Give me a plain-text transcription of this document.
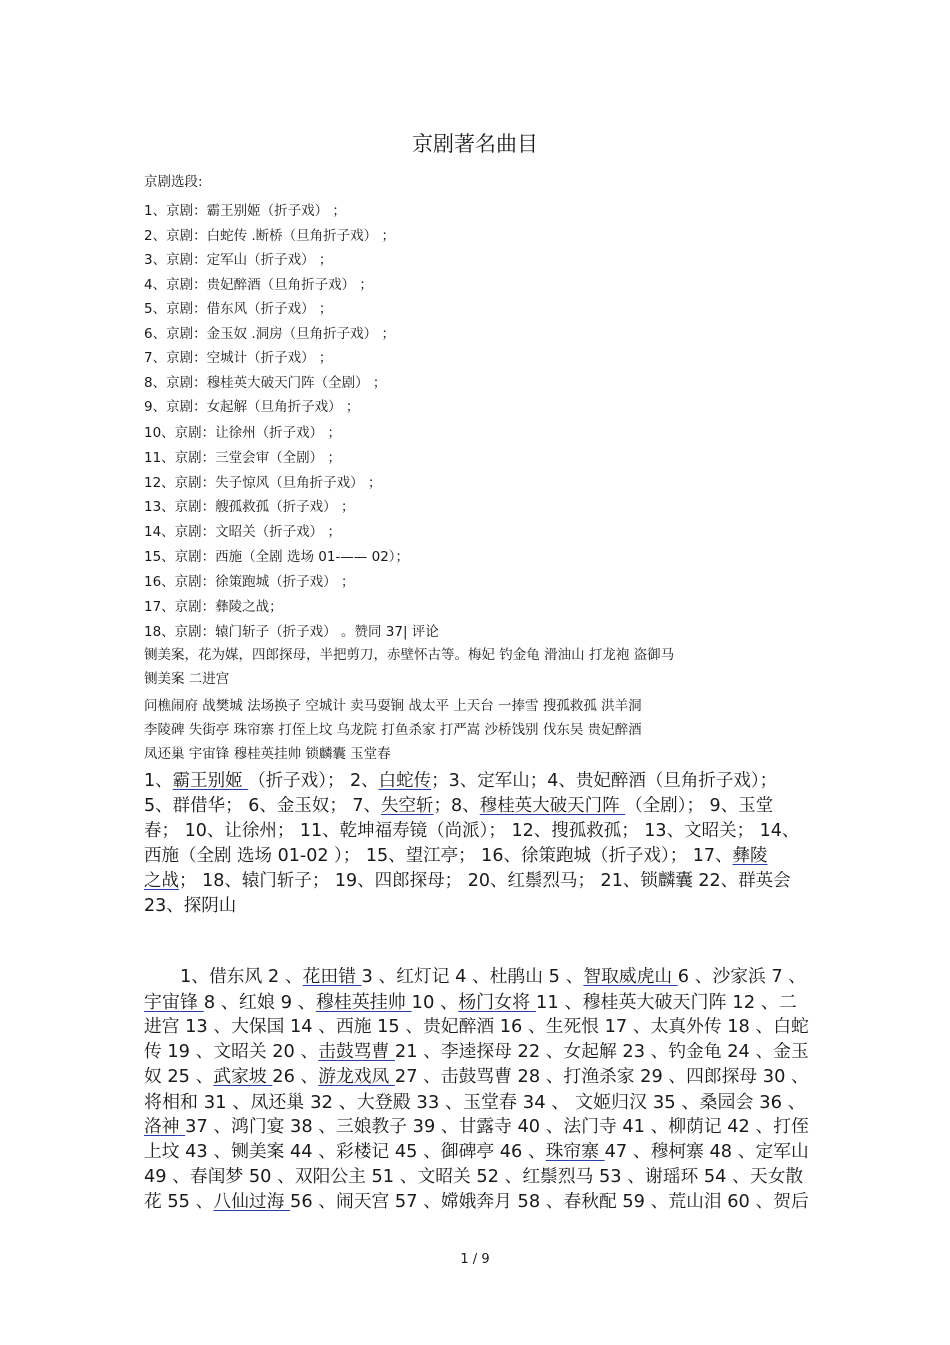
京剧著名曲目
京剧选段:
1、京剧：霸王别姬（折子戏） ；
2、京剧：白蛇传 .断桥（旦角折子戏） ；
3、京剧：定军山（折子戏） ；
4、京剧：贵妃醉酒（旦角折子戏） ；
5、京剧：借东风（折子戏） ；
6、京剧：金玉奴 .洞房（旦角折子戏） ；
7、京剧：空城计（折子戏） ；
8、京剧：穆桂英大破天门阵（全剧） ；
9、京剧：女起解（旦角折子戏） ；
10、京剧：让徐州（折子戏） ；
11、京剧：三堂会审（全剧） ；
12、京剧：失子惊风（旦角折子戏） ；
13、京剧：艘孤救孤（折子戏） ；
14、京剧：文昭关（折子戏） ；
15、京剧：西施（全剧 选场 01-—— 02）；
16、京剧：徐策跑城（折子戏） ；
17、京剧：彝陵之战；
18、京剧：辕门斩子（折子戏） 。赞同 37| 评论
铡美案，花为媒，四郎探母，半把剪刀，赤壁怀古等。梅妃 钓金龟 滑油山 打龙袍 盗御马
铡美案 二进宫
问樵闹府 战樊城 法场换子 空城计 卖马耍锏 战太平 上天台 一捧雪 搜孤救孤 洪羊洞
李陵碑 失街亭 珠帘寨 打侄上坟 乌龙院 打鱼杀家 打严嵩 沙桥饯别 伐东吴 贵妃醉酒
凤还巢 宇宙锋 穆桂英挂帅 锁麟囊 玉堂春
1、霸王别姬 （折子戏）； 2、白蛇传；3、定军山；4、贵妃醉酒（旦角折子戏）；
5、群借华； 6、金玉奴； 7、失空斩；8、穆桂英大破天门阵 （全剧）； 9、玉堂
春； 10、让徐州； 11、乾坤福寿镜（尚派）； 12、搜孤救孤； 13、文昭关； 14、
西施（全剧 选场 01-02 ）； 15、望江亭； 16、徐策跑城（折子戏）； 17、彝陵
之战； 18、辕门斩子； 19、四郎探母； 20、红鬃烈马； 21、锁麟囊 22、群英会
23、探阴山
1、借东风 2 、花田错 3 、红灯记 4 、杜鹃山 5 、智取威虎山 6 、沙家浜 7 、
宇宙锋 8 、红娘 9 、穆桂英挂帅 10 、杨门女将 11 、穆桂英大破天门阵 12 、二
进宫 13 、大保国 14 、西施 15 、贵妃醉酒 16 、生死恨 17 、太真外传 18 、白蛇
传 19 、文昭关 20 、击鼓骂曹 21 、李逵探母 22 、女起解 23 、钓金龟 24 、金玉
奴 25 、武家坡 26 、游龙戏凤 27 、击鼓骂曹 28 、打渔杀家 29 、四郎探母 30 、
将相和 31 、凤还巢 32 、大登殿 33 、玉堂春 34 、 文姬归汉 35 、桑园会 36 、
洛神 37 、鸿门宴 38 、三娘教子 39 、甘露寺 40 、法门寺 41 、柳荫记 42 、打侄
上坟 43 、铡美案 44 、彩楼记 45 、御碑亭 46 、珠帘寨 47 、穆柯寨 48 、定军山
49 、春闺梦 50 、双阳公主 51 、文昭关 52 、红鬃烈马 53 、谢瑶环 54 、天女散
花 55 、八仙过海 56 、闹天宫 57 、嫦娥奔月 58 、春秋配 59 、荒山泪 60 、贺后
1 / 9
